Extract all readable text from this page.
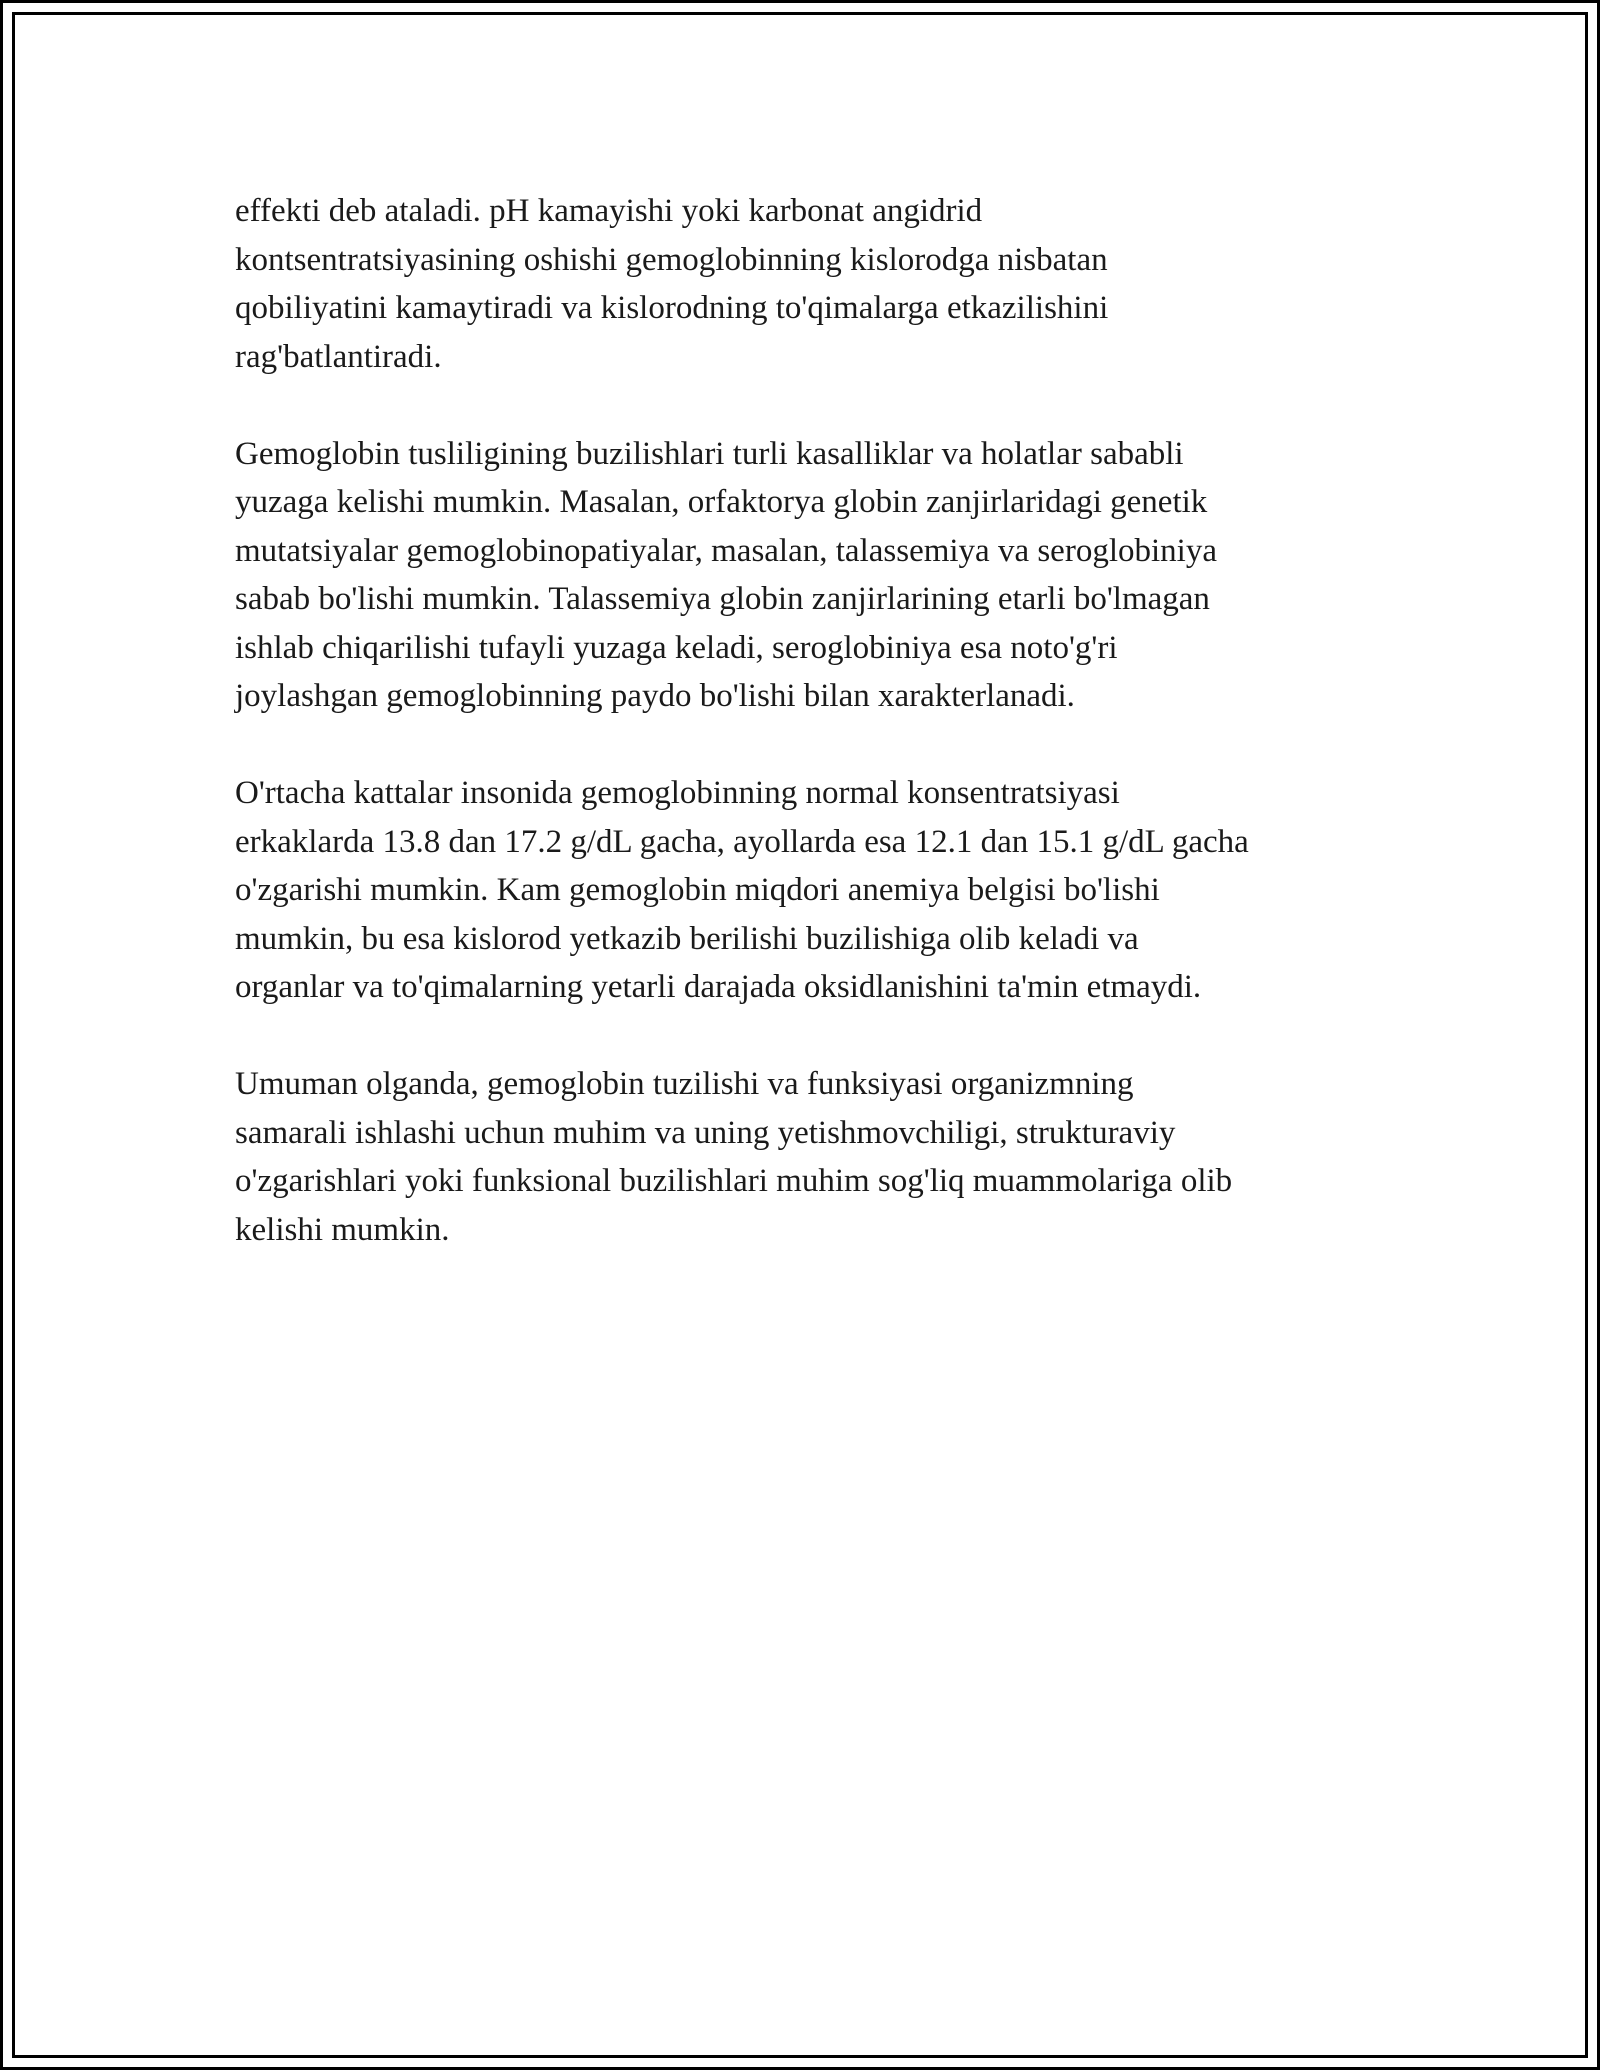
effekti deb ataladi. pH kamayishi yoki karbonat angidrid
kontsentratsiyasining oshishi gemoglobinning kislorodga nisbatan
qobiliyatini kamaytiradi va kislorodning to'qimalarga etkazilishini
rag'batlantiradi.

Gemoglobin tusliligining buzilishlari turli kasalliklar va holatlar sababli
yuzaga kelishi mumkin. Masalan, orfaktorya globin zanjirlaridagi genetik
mutatsiyalar gemoglobinopatiyalar, masalan, talassemiya va seroglobiniya
sabab bo'lishi mumkin. Talassemiya globin zanjirlarining etarli bo'lmagan
ishlab chiqarilishi tufayli yuzaga keladi, seroglobiniya esa noto'g'ri
joylashgan gemoglobinning paydo bo'lishi bilan xarakterlanadi.

O'rtacha kattalar insonida gemoglobinning normal konsentratsiyasi
erkaklarda 13.8 dan 17.2 g/dL gacha, ayollarda esa 12.1 dan 15.1 g/dL gacha
o'zgarishi mumkin. Kam gemoglobin miqdori anemiya belgisi bo'lishi
mumkin, bu esa kislorod yetkazib berilishi buzilishiga olib keladi va
organlar va to'qimalarning yetarli darajada oksidlanishini ta'min etmaydi.

Umuman olganda, gemoglobin tuzilishi va funksiyasi organizmning
samarali ishlashi uchun muhim va uning yetishmovchiligi, strukturaviy
o'zgarishlari yoki funksional buzilishlari muhim sog'liq muammolariga olib
kelishi mumkin.
